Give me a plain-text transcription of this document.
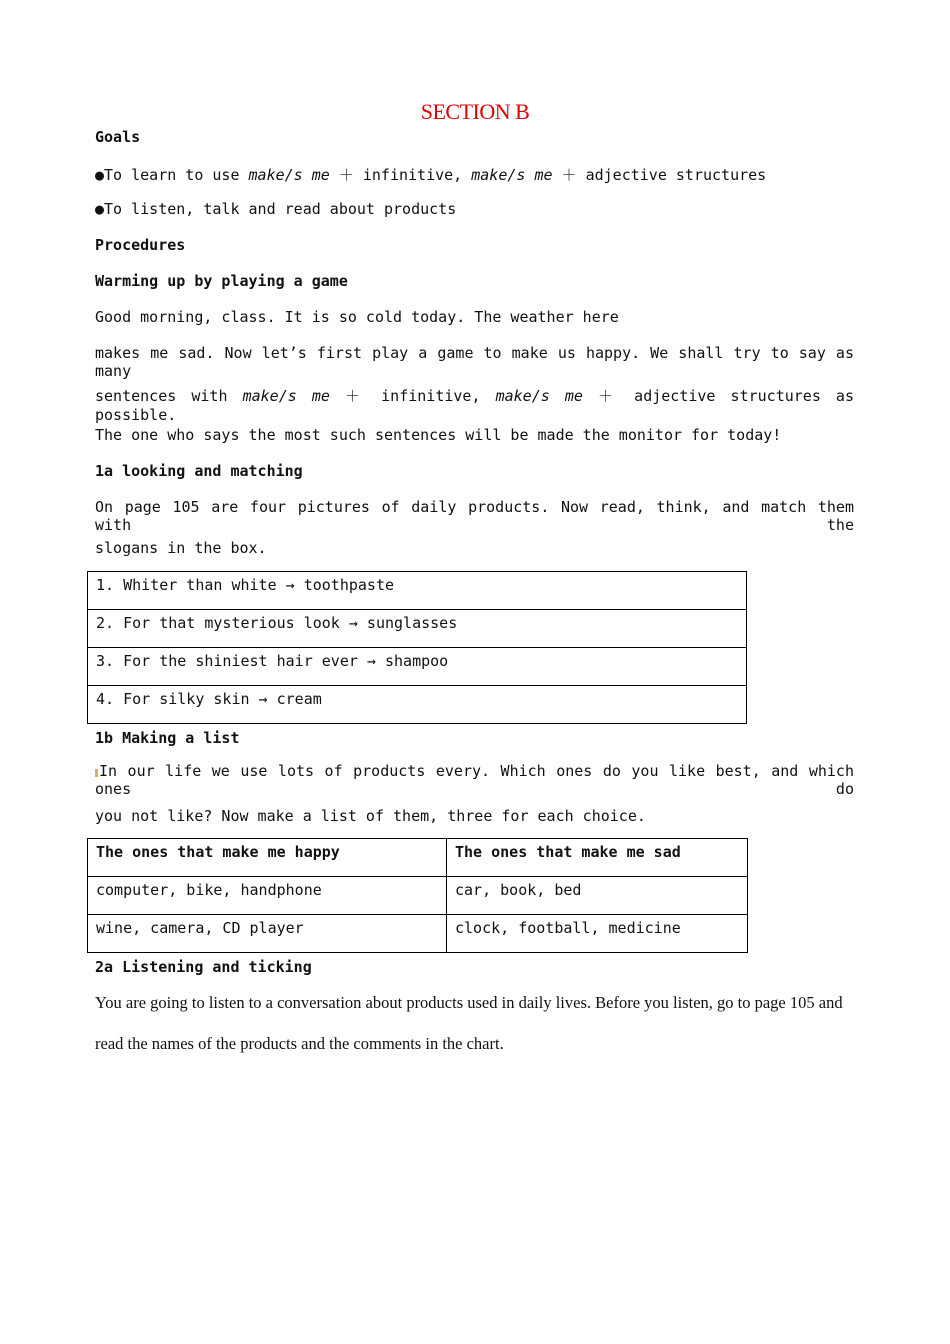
SECTION B
Goals
●To learn to use make/s me ＋ infinitive, make/s me ＋ adjective structures
●To listen, talk and read about products
Procedures
Warming up by playing a game
Good morning, class. It is so cold today. The weather here
makes me sad. Now let’s first play a game to make us happy. We shall try to say as many
sentences with make/s me ＋ infinitive, make/s me ＋ adjective structures as possible.
The one who says the most such sentences will be made the monitor for today!
1a looking and matching
On page 105 are four pictures of daily products. Now read, think, and match them with the
slogans in the box.
1. Whiter than white → toothpaste
2. For that mysterious look → sunglasses
3. For the shiniest hair ever → shampoo
4. For silky skin → cream
1b Making a list
In our life we use lots of products every. Which ones do you like best, and which ones do
you not like? Now make a list of them, three for each choice.
The ones that make me happy	The ones that make me sad
computer, bike, handphone	car, book, bed
wine, camera, CD player	clock, football, medicine
2a Listening and ticking
You are going to listen to a conversation about products used in daily lives. Before you listen, go to page 105 and
read the names of the products and the comments in the chart.
